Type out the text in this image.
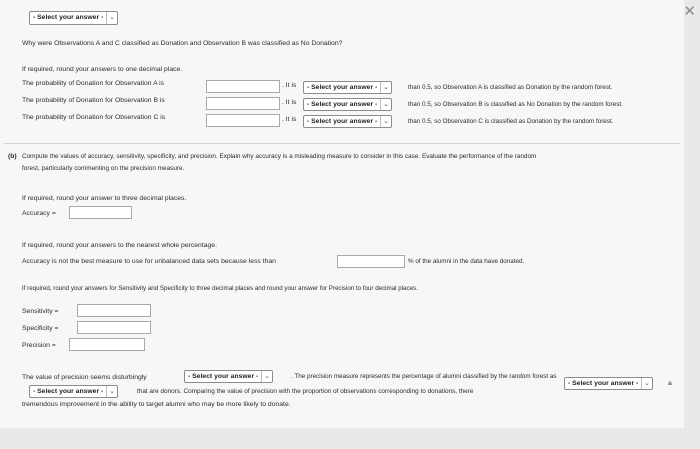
- Select your answer - ⌄
Why were Observations A and C classified as Donation and Observation B was classified as No Donation?
If required, round your answers to one decimal place.
The probability of Donation for Observation A is	. It is	- Select your answer - ⌄	than 0.5, so Observation A is classified as Donation by the random forest.
The probability of Donation for Observation B is	. It is	- Select your answer - ⌄	than 0.5, so Observation B is classified as No Donation by the random forest.
The probability of Donation for Observation C is	. It is	- Select your answer - ⌄	than 0.5, so Observation C is classified as Donation by the random forest.
(b) Compute the values of accuracy, sensitivity, specificity, and precision. Explain why accuracy is a misleading measure to consider in this case. Evaluate the performance of the random
forest, particularly commenting on the precision measure.
If required, round your answer to three decimal places.
Accuracy =
If required, round your answers to the nearest whole percentage.
Accuracy is not the best measure to use for unbalanced data sets because less than	% of the alumni in the data have donated.
If required, round your answers for Sensitivity and Specificity to three decimal places and round your answer for Precision to four decimal places.
Sensitivity =
Specificity =
Precision =
The value of precision seems disturbingly	- Select your answer - ⌄	. The precision measure represents the percentage of alumni classified by the random forest as
- Select your answer - ⌄	that are donors. Comparing the value of precision with the proportion of observations corresponding to donations, there
- Select your answer - ⌄	a
tremendous improvement in the ability to target alumni who may be more likely to donate.
✕
